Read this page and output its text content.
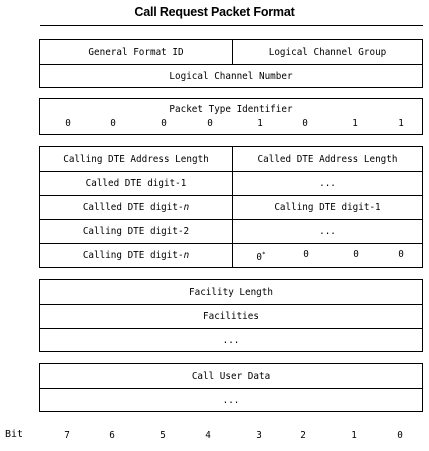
Call Request Packet Format
General Format ID	Logical Channel Group
Logical Channel Number
Packet Type Identifier
0	0	0	0	1	0	1	1
Calling DTE Address Length	Called DTE Address Length
Called DTE digit-1	...
Callled DTE digit- n	Calling DTE digit-1
Calling DTE digit-2	...
Calling DTE digit- n	0*	0	0	0
Facility Length
Facilities
...
Call User Data
...
Bit	7	6	5	4	3	2	1	0
